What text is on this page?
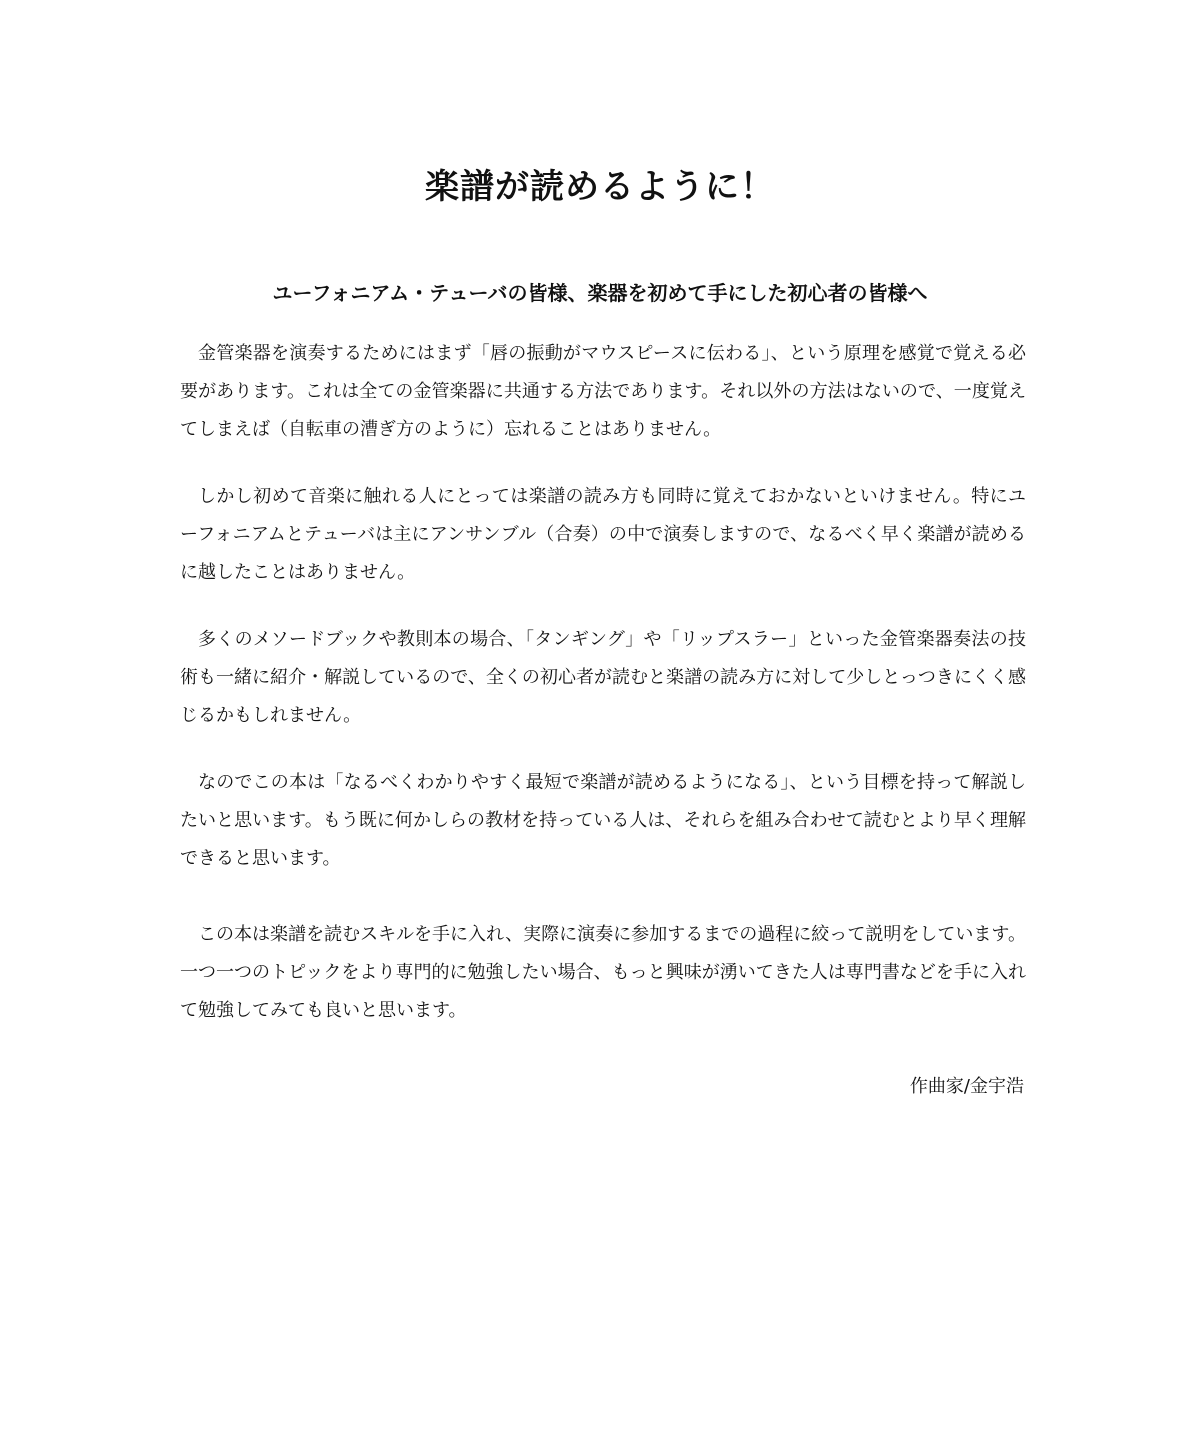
楽譜が読めるように！
ユーフォニアム・テューバの皆様、楽器を初めて手にした初心者の皆様へ

金管楽器を演奏するためにはまず「唇の振動がマウスピースに伝わる」、という原理を感覚で覚える必要があります。これは全ての金管楽器に共通する方法であります。それ以外の方法はないので、一度覚えてしまえば（自転車の漕ぎ方のように）忘れることはありません。

しかし初めて音楽に触れる人にとっては楽譜の読み方も同時に覚えておかないといけません。特にユーフォニアムとテューバは主にアンサンブル（合奏）の中で演奏しますので、なるべく早く楽譜が読めるに越したことはありません。

多くのメソードブックや教則本の場合、「タンギング」や「リップスラー」といった金管楽器奏法の技術も一緒に紹介・解説しているので、全くの初心者が読むと楽譜の読み方に対して少しとっつきにくく感じるかもしれません。

なのでこの本は「なるべくわかりやすく最短で楽譜が読めるようになる」、という目標を持って解説したいと思います。もう既に何かしらの教材を持っている人は、それらを組み合わせて読むとより早く理解できると思います。

この本は楽譜を読むスキルを手に入れ、実際に演奏に参加するまでの過程に絞って説明をしています。一つ一つのトピックをより専門的に勉強したい場合、もっと興味が湧いてきた人は専門書などを手に入れて勉強してみても良いと思います。

作曲家/金宇浩
